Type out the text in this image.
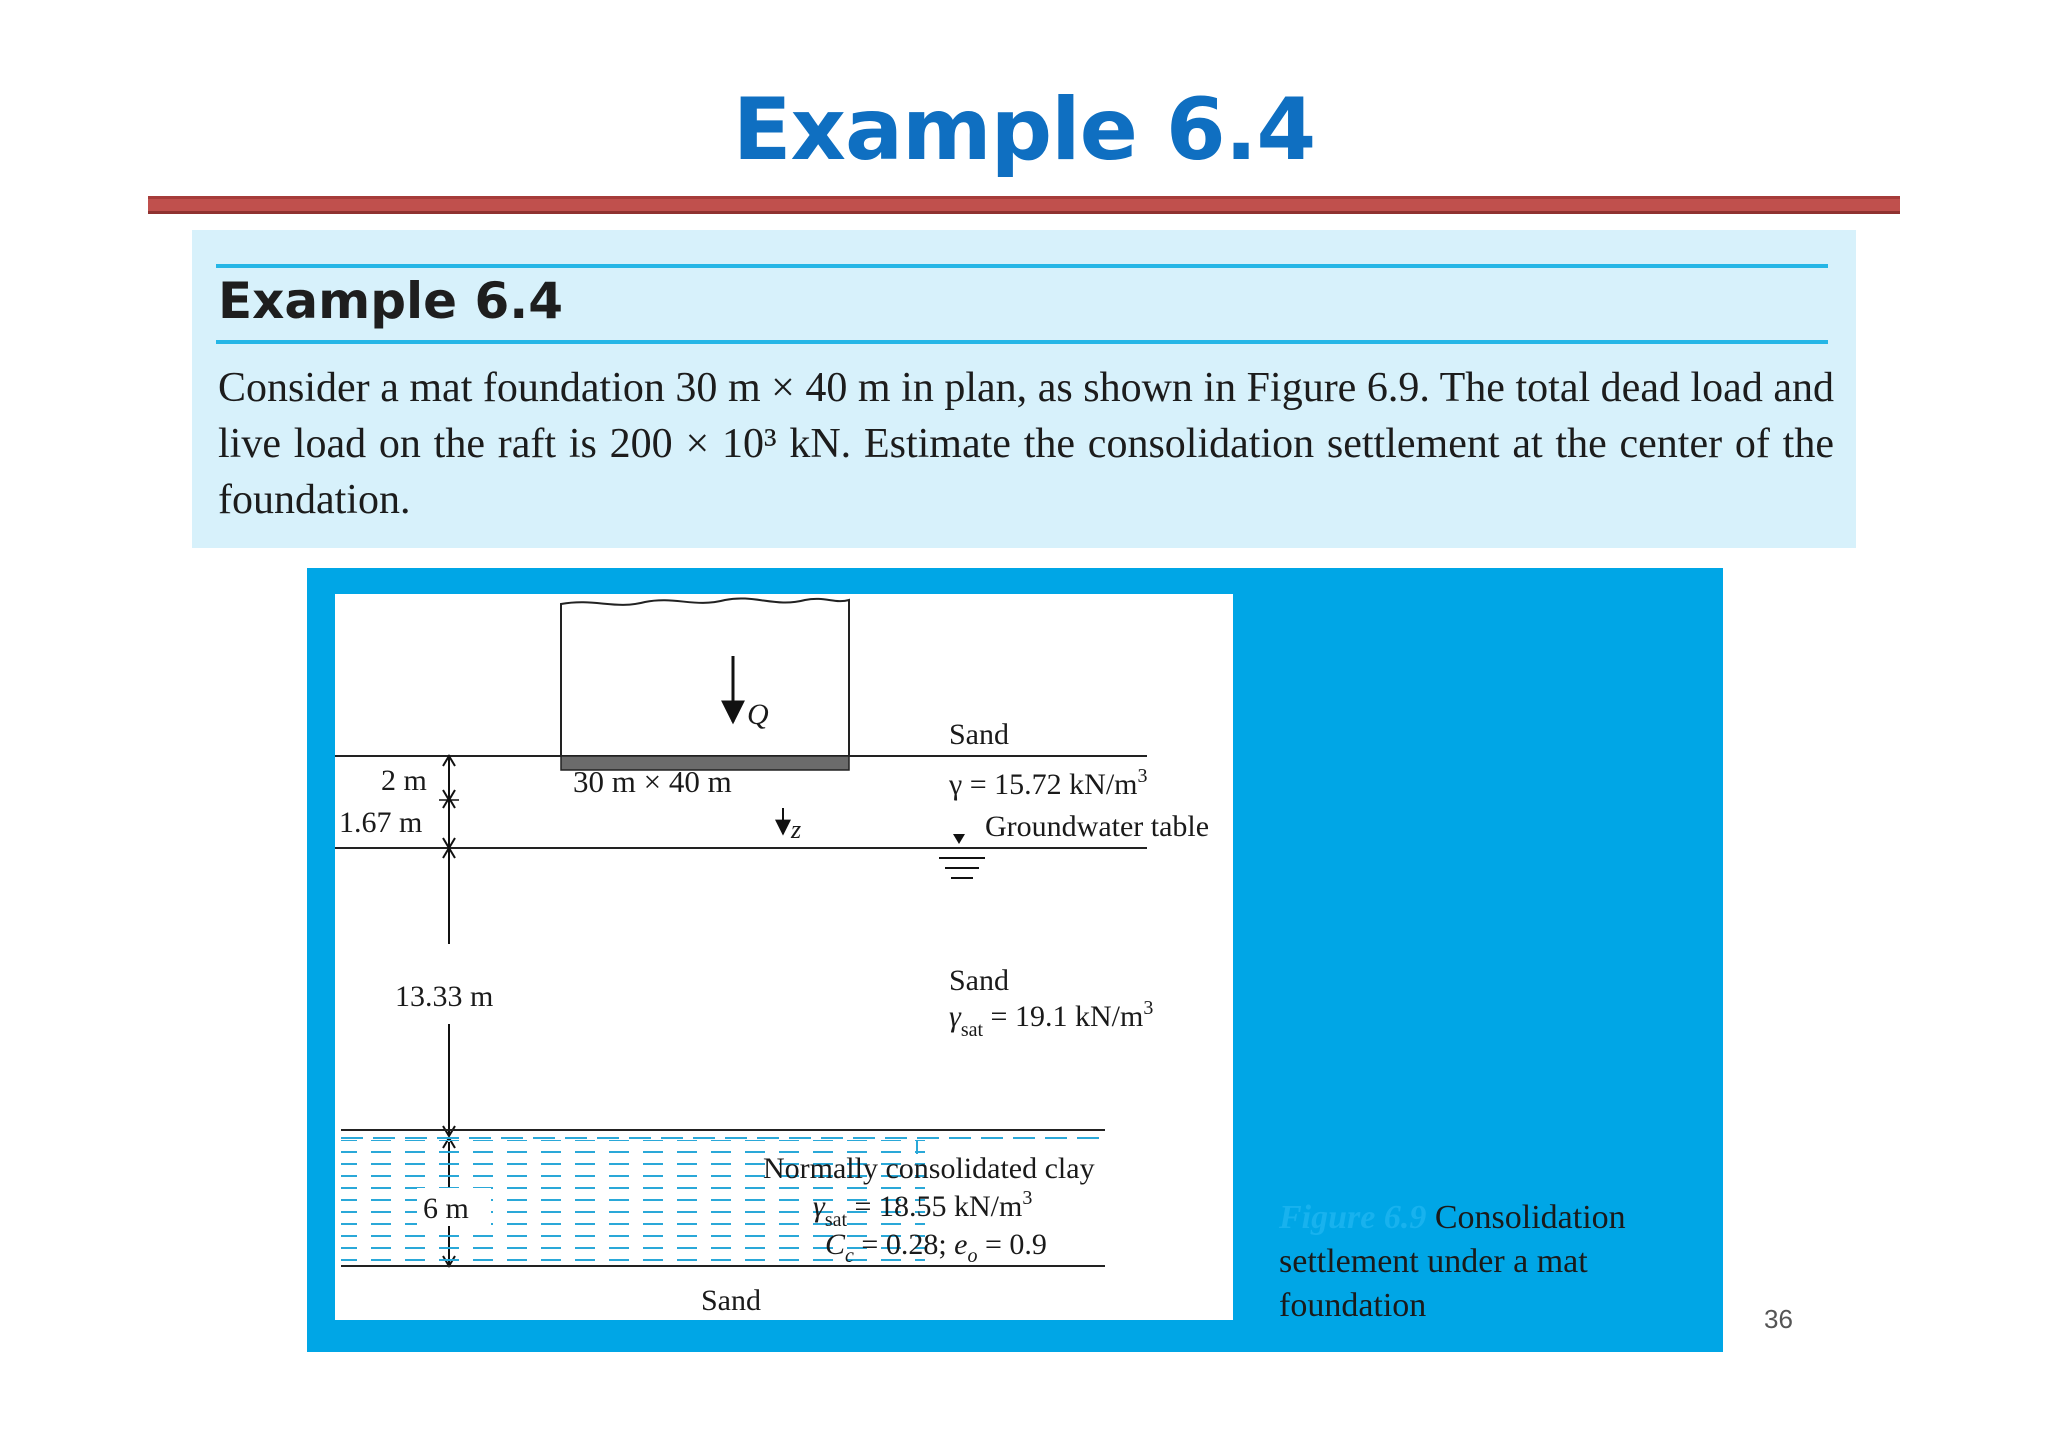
Example 6.4
Example 6.4
Consider a mat foundation 30 m × 40 m in plan, as shown in Figure 6.9. The total dead load and live load on the raft is 200 × 10³ kN. Estimate the consolidation settlement at the center of the foundation.
Q
z
30 m × 40 m
2 m
1.67 m
13.33 m
Sand
γ = 15.72 $kN/m^3$
Groundwater table
Sand
$\gamma_{sat} = 19.1$ $kN/m^3$
6 m
Normally consolidated clay
$\gamma_{sat} = 18.55$ $kN/m^3$
$C_c = 0.28$; $e_o = 0.9$
Sand
Figure 6.9 Consolidation settlement under a mat foundation	36
